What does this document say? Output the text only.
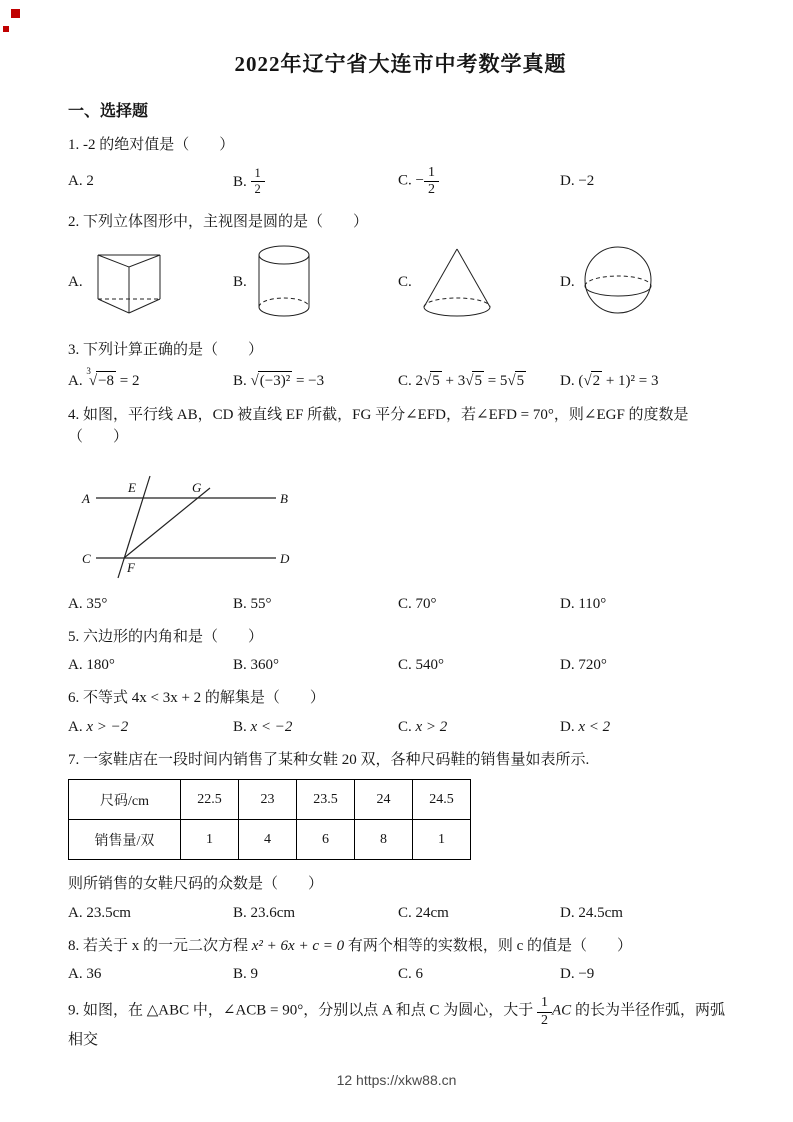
2022年辽宁省大连市中考数学真题
一、选择题
1. -2 的绝对值是（　　）
A. 2	B. $\frac{1}{2}$	C. − $\frac{1}{2}$	D. −2
2. 下列立体图形中，主视图是圆的是（　　）
A.	B.	C.	D.
3. 下列计算正确的是（　　）
A. $^3$√ −8 = 2	B. √ (−3)² = −3	C. 2√ 5 + 3√ 5 = 5√ 5	D. (√ 2 + 1)² = 3
4. 如图，平行线 AB，CD 被直线 EF 所截，FG 平分∠EFD，若∠EFD = 70°，则∠EGF 的度数是（　　）
A	B
C	D
E	G
F
A. 35°	B. 55°	C. 70°	D. 110°
5. 六边形的内角和是（　　）
A. 180°	B. 360°	C. 540°	D. 720°
6. 不等式 4x < 3x + 2 的解集是（　　）
A. x > −2	B. x < −2	C. x > 2	D. x < 2
7. 一家鞋店在一段时间内销售了某种女鞋 20 双，各种尺码鞋的销售量如表所示.
尺码/cm	22.5	23	23.5	24	24.5
销售量/双	1	4	6	8	1
则所销售的女鞋尺码的众数是（　　）
A. 23.5cm	B. 23.6cm	C. 24cm	D. 24.5cm
8. 若关于 x 的一元二次方程 x² + 6x + c = 0 有两个相等的实数根，则 c 的值是（　　）
A. 36	B. 9	C. 6	D. −9
9. 如图，在 △ABC 中，∠ACB = 90°，分别以点 A 和点 C 为圆心，大于 $\frac{1}{2}$ AC 的长为半径作弧，两弧相交
12 https://xkw88.cn
